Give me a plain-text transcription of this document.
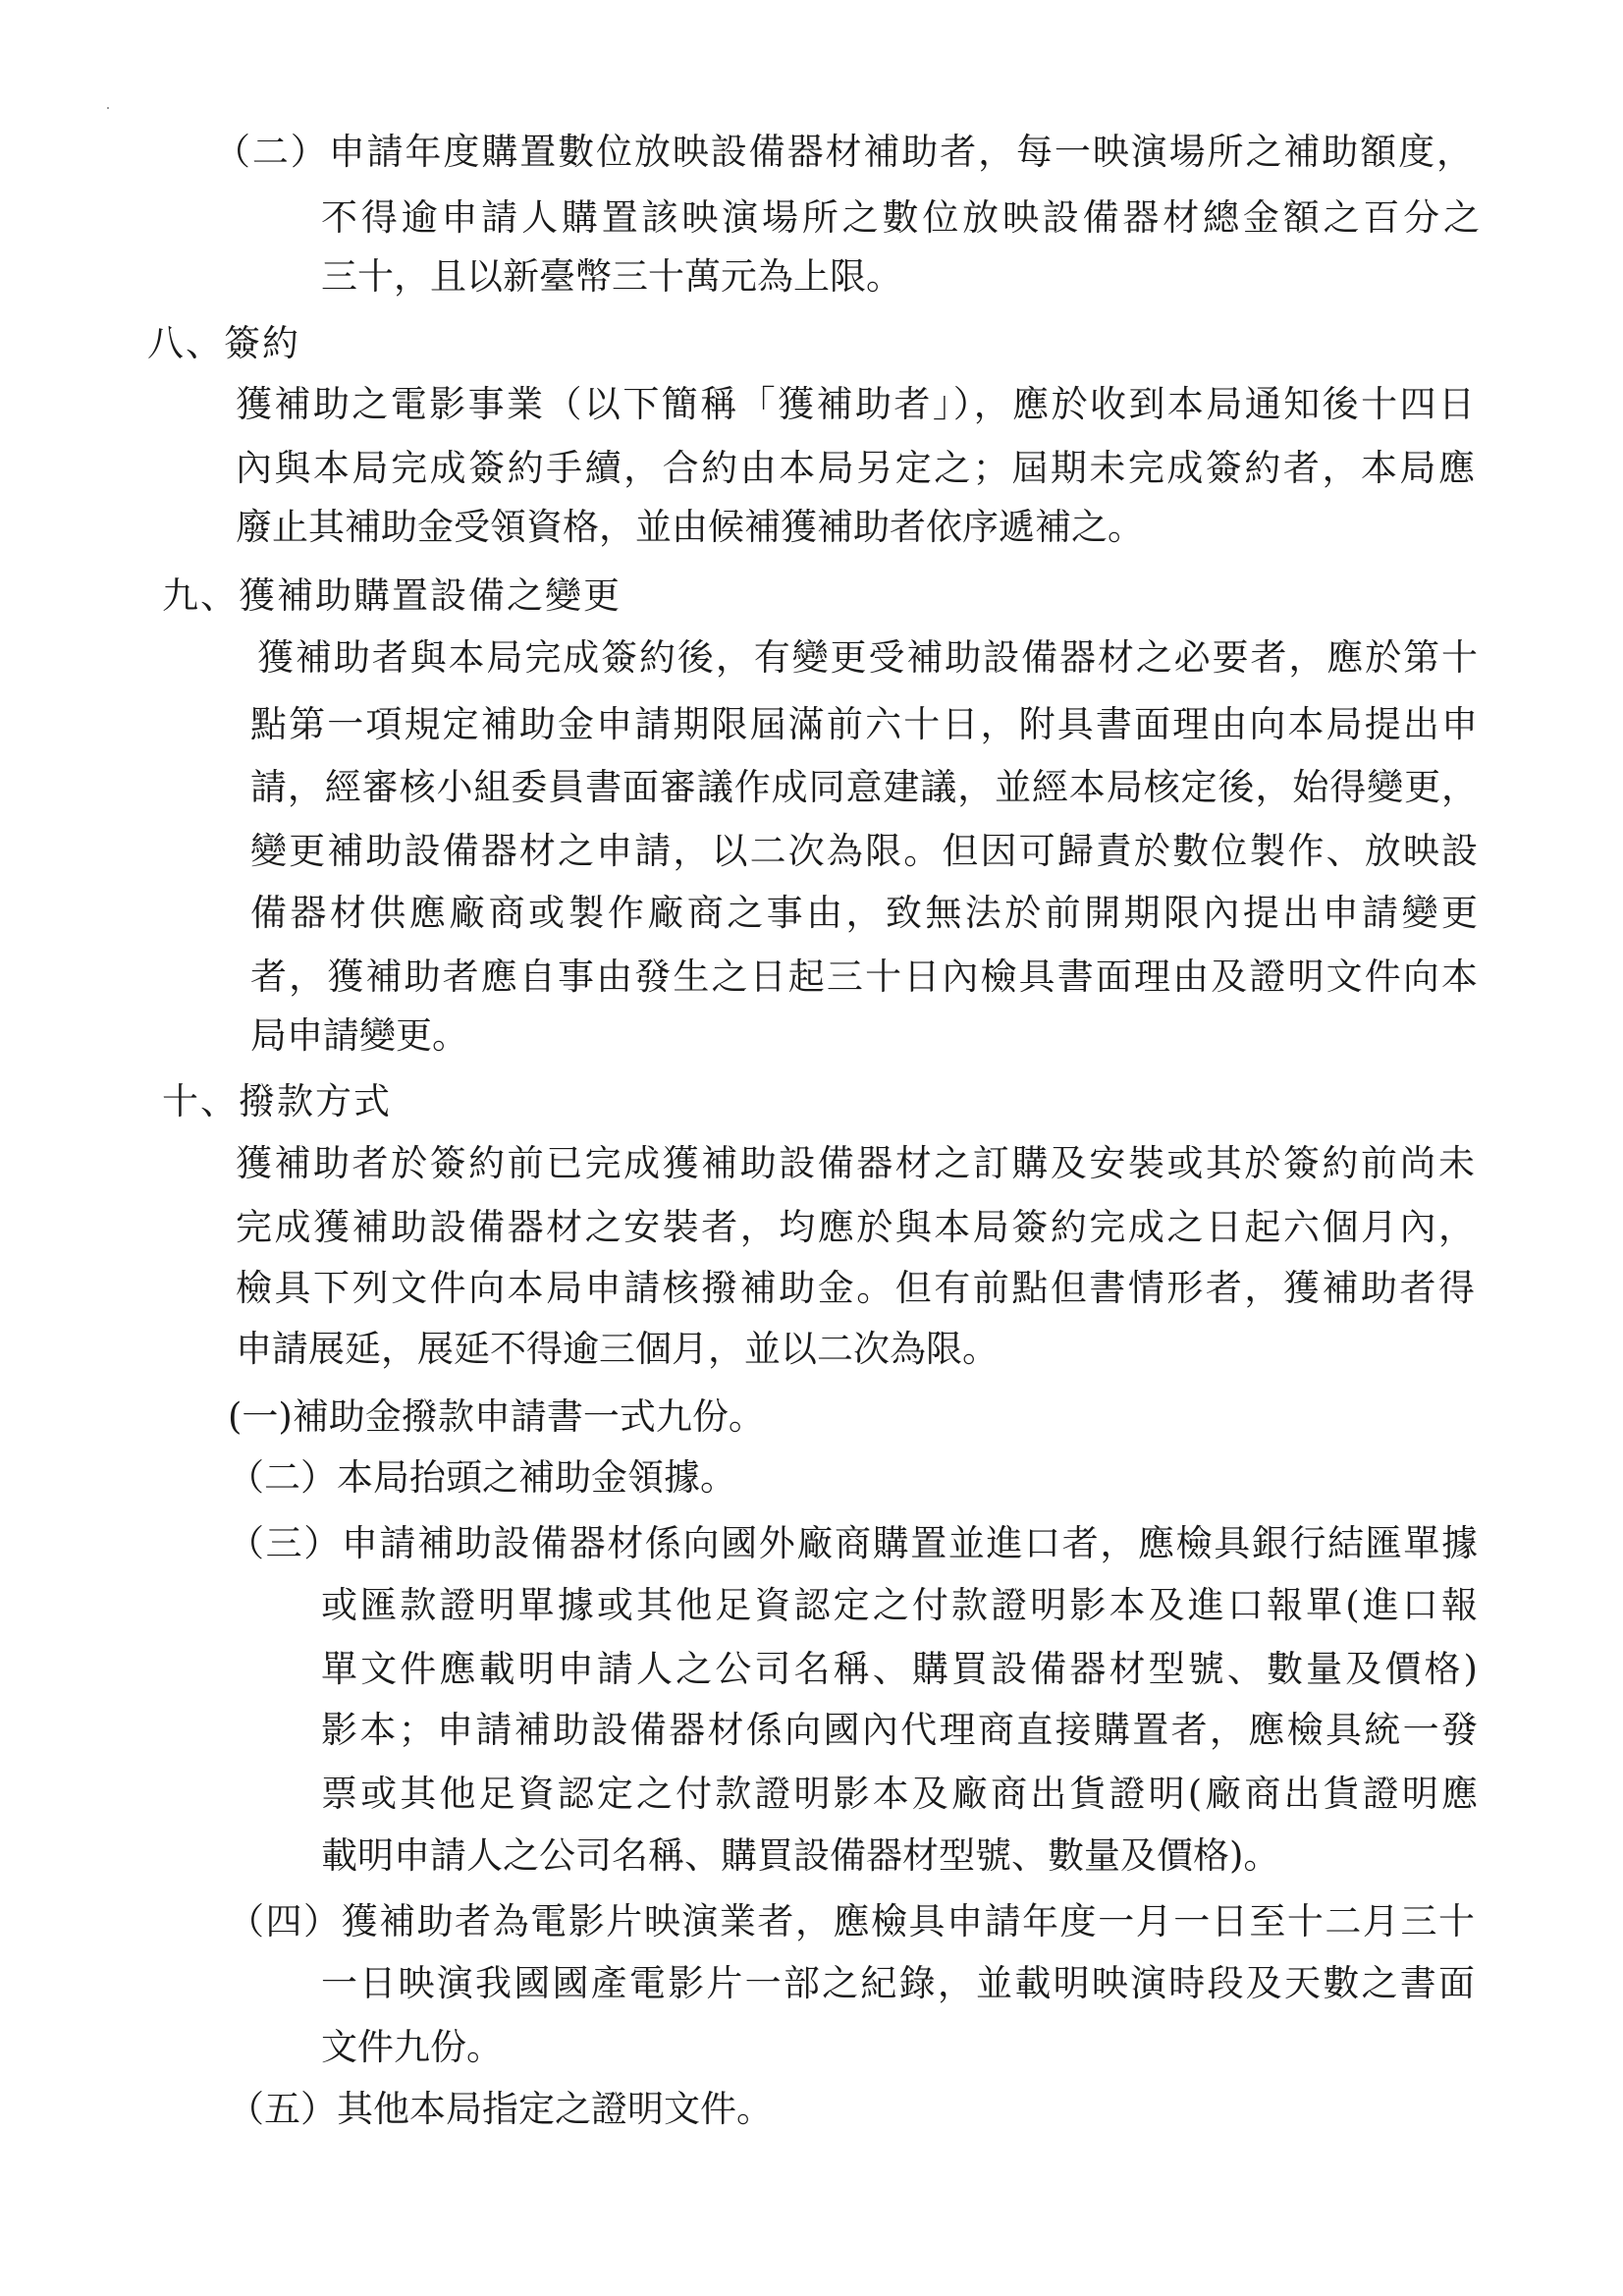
（二）申請年度購置數位放映設備器材補助者，每一映演場所之補助額度，
不得逾申請人購置該映演場所之數位放映設備器材總金額之百分之
三十，且以新臺幣三十萬元為上限。
八、簽約
獲補助之電影事業（以下簡稱「獲補助者」），應於收到本局通知後十四日
內與本局完成簽約手續，合約由本局另定之；屆期未完成簽約者，本局應
廢止其補助金受領資格，並由候補獲補助者依序遞補之。
九、獲補助購置設備之變更
獲補助者與本局完成簽約後，有變更受補助設備器材之必要者，應於第十
點第一項規定補助金申請期限屆滿前六十日，附具書面理由向本局提出申
請，經審核小組委員書面審議作成同意建議，並經本局核定後，始得變更，
變更補助設備器材之申請，以二次為限。但因可歸責於數位製作、放映設
備器材供應廠商或製作廠商之事由，致無法於前開期限內提出申請變更
者，獲補助者應自事由發生之日起三十日內檢具書面理由及證明文件向本
局申請變更。
十、撥款方式
獲補助者於簽約前已完成獲補助設備器材之訂購及安裝或其於簽約前尚未
完成獲補助設備器材之安裝者，均應於與本局簽約完成之日起六個月內，
檢具下列文件向本局申請核撥補助金。但有前點但書情形者，獲補助者得
申請展延，展延不得逾三個月，並以二次為限。
(一)補助金撥款申請書一式九份。
（二）本局抬頭之補助金領據。
（三）申請補助設備器材係向國外廠商購置並進口者，應檢具銀行結匯單據
或匯款證明單據或其他足資認定之付款證明影本及進口報單(進口報
單文件應載明申請人之公司名稱、購買設備器材型號、數量及價格)
影本；申請補助設備器材係向國內代理商直接購置者，應檢具統一發
票或其他足資認定之付款證明影本及廠商出貨證明(廠商出貨證明應
載明申請人之公司名稱、購買設備器材型號、數量及價格)。
（四）獲補助者為電影片映演業者，應檢具申請年度一月一日至十二月三十
一日映演我國國產電影片一部之紀錄，並載明映演時段及天數之書面
文件九份。
（五）其他本局指定之證明文件。
